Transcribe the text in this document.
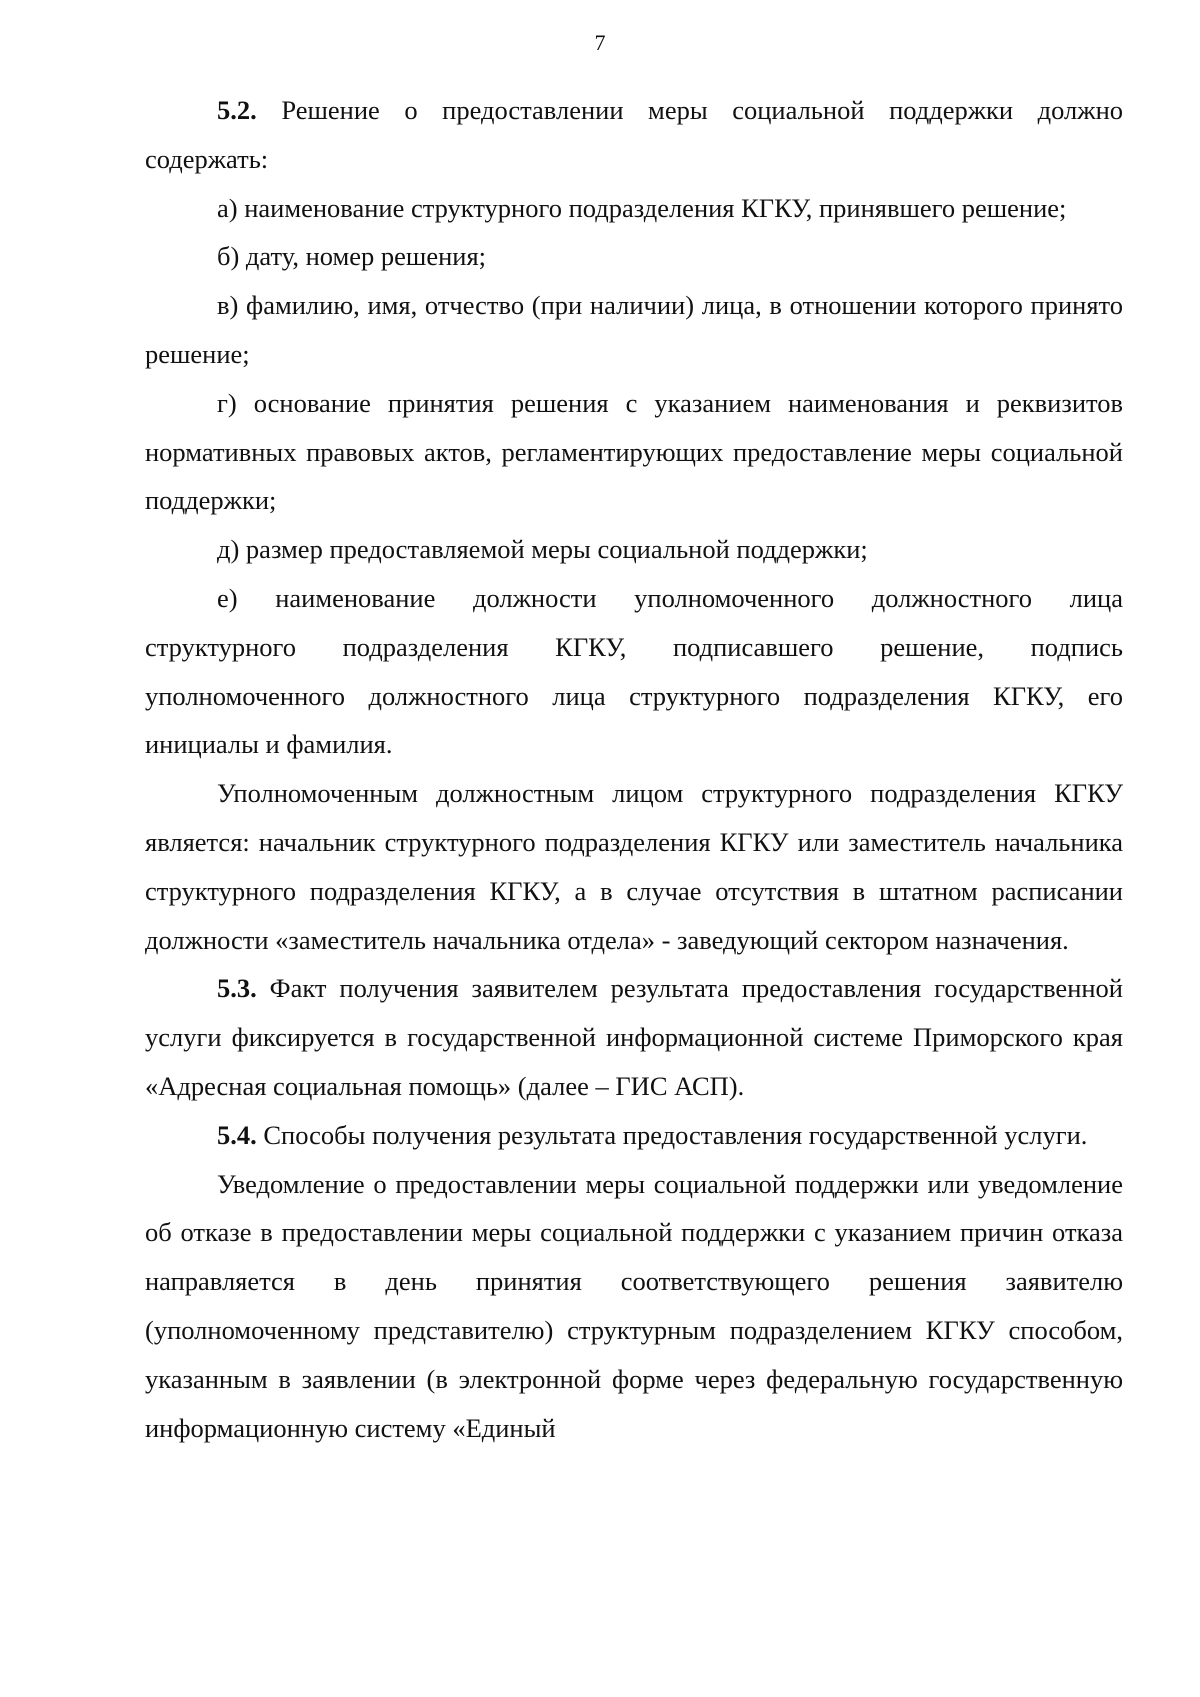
7

5.2. Решение о предоставлении меры социальной поддержки должно содержать:

а) наименование структурного подразделения КГКУ, принявшего решение;

б) дату, номер решения;

в) фамилию, имя, отчество (при наличии) лица, в отношении которого принято решение;

г) основание принятия решения с указанием наименования и реквизитов нормативных правовых актов, регламентирующих предоставление меры социальной поддержки;

д) размер предоставляемой меры социальной поддержки;

е) наименование должности уполномоченного должностного лица структурного подразделения КГКУ, подписавшего решение, подпись уполномоченного должностного лица структурного подразделения КГКУ, его инициалы и фамилия.

Уполномоченным должностным лицом структурного подразделения КГКУ является: начальник структурного подразделения КГКУ или заместитель начальника структурного подразделения КГКУ, а в случае отсутствия в штатном расписании должности «заместитель начальника отдела» - заведующий сектором назначения.

5.3. Факт получения заявителем результата предоставления государственной услуги фиксируется в государственной информационной системе Приморского края «Адресная социальная помощь» (далее – ГИС АСП).

5.4. Способы получения результата предоставления государственной услуги.

Уведомление о предоставлении меры социальной поддержки или уведомление об отказе в предоставлении меры социальной поддержки с указанием причин отказа направляется в день принятия соответствующего решения заявителю (уполномоченному представителю) структурным подразделением КГКУ способом, указанным в заявлении (в электронной форме через федеральную государственную информационную систему «Единый
